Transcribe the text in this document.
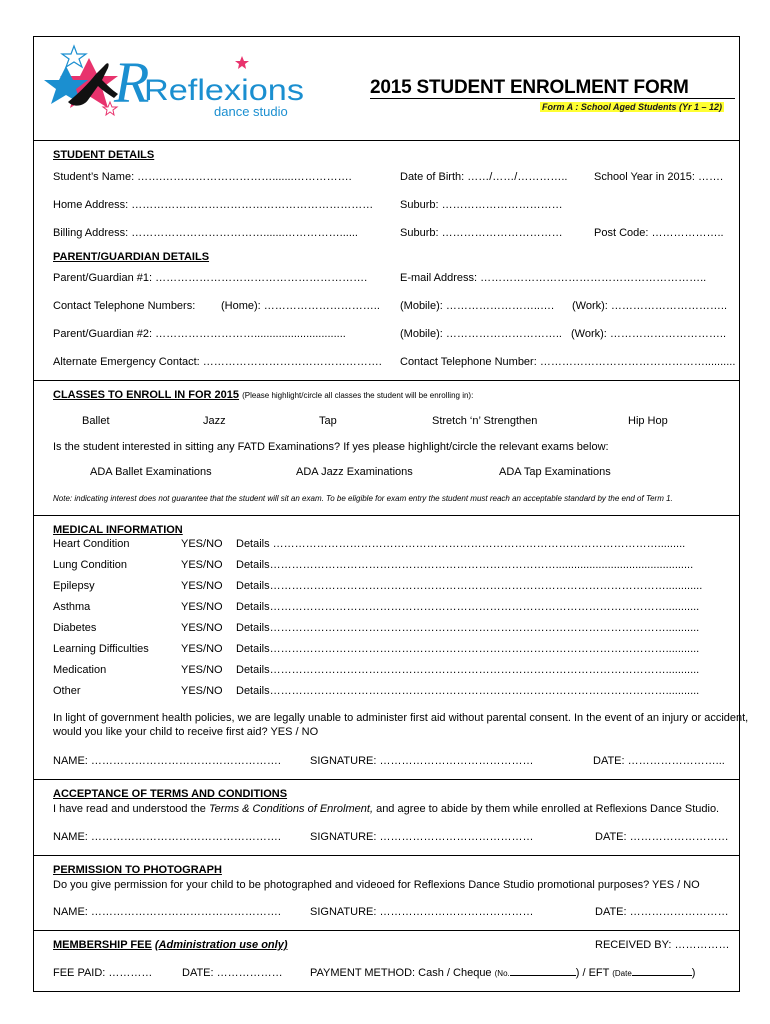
R
Reflexions
dance studio
2015 STUDENT ENROLMENT FORM
Form A : School Aged Students (Yr 1 – 12)
STUDENT DETAILS
Student’s Name: …….………………………….......…………….	Date of Birth: ……/……/………….. School Year in 2015: …….
Home Address: ………………………………………………………… Suburb: ……………………………
Billing Address: ……………………………….......……………......	Suburb: ……………………………	Post Code: ………………..
PARENT/GUARDIAN DETAILS
Parent/Guardian #1: ………………………………………………….	E-mail Address: ……………………………………………………..
Contact Telephone Numbers: (Home): ………………………….. (Mobile): ……………………..…. (Work): …………………………..
Parent/Guardian #2: ………………………..............................	(Mobile): ………………………….. (Work): …………………………..
Alternate Emergency Contact: …………………………………………. Contact Telephone Number: ………………………………………..........
CLASSES TO ENROLL IN FOR 2015 (Please highlight/circle all classes the student will be enrolling in):
Ballet	Jazz	Tap	Stretch ‘n’ Strengthen	Hip Hop
Is the student interested in sitting any FATD Examinations? If yes please highlight/circle the relevant exams below:
ADA Ballet Examinations	ADA Jazz Examinations	ADA Tap Examinations
Note: indicating interest does not guarantee that the student will sit an exam. To be eligible for exam entry the student must reach an acceptable standard by the end of Term 1.
MEDICAL INFORMATION
Heart Condition	YES/NO Details …………………………………………………………………………………………….........
Lung Condition	YES/NO Details…………………………………………………………………….............................................
Epilepsy	YES/NO Details………………………………………………………………………………………………............
Asthma	YES/NO Details………………………………………………………………………………………………...........
Diabetes	YES/NO Details………………………………………………………………………………………………...........
Learning Difficulties	YES/NO Details………………………………………………………………………………………………...........
Medication	YES/NO Details………………………………………………………………………………………………...........
Other	YES/NO Details………………………………………………………………………………………………...........
In light of government health policies, we are legally unable to administer first aid without parental consent. In the event of an injury or accident,
would you like your child to receive first aid? YES / NO
NAME: …………………………………………….	SIGNATURE: ……………………………………	DATE: ……………………...
ACCEPTANCE OF TERMS AND CONDITIONS
I have read and understood the Terms & Conditions of Enrolment, and agree to abide by them while enrolled at Reflexions Dance Studio.
NAME: …………………………………………….	SIGNATURE: ……………………………………	DATE: ………………………
PERMISSION TO PHOTOGRAPH
Do you give permission for your child to be photographed and videoed for Reflexions Dance Studio promotional purposes? YES / NO
NAME: …………………………………………….	SIGNATURE: ……………………………………	DATE: ………………………
MEMBERSHIP FEE (Administration use only)	RECEIVED BY: ……………
FEE PAID: …………	DATE: ……………… PAYMENT METHOD: Cash / Cheque (No.	) / EFT (Date	)
